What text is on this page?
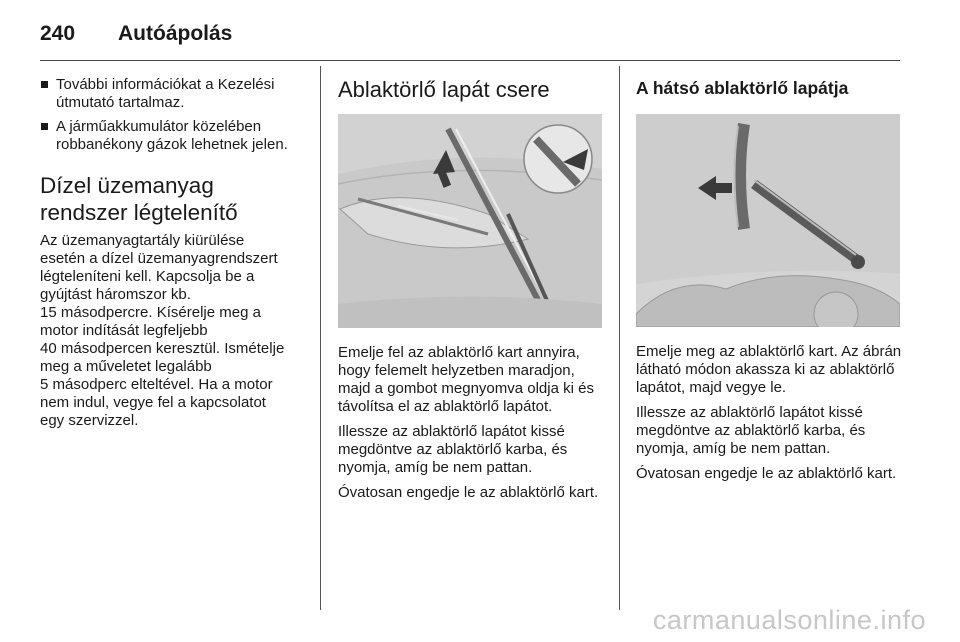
240	Autóápolás
További információkat a Kezelési útmutató tartalmaz.
A járműakkumulátor közelében robbanékony gázok lehetnek jelen.
Dízel üzemanyag rendszer légtelenítő

Az üzemanyagtartály kiürülése

esetén a dízel üzemanyagrendszert

légteleníteni kell. Kapcsolja be a

gyújtást háromszor kb.

15 másodpercre. Kísérelje meg a

motor indítását legfeljebb

40 másodpercen keresztül. Ismételje

meg a műveletet legalább

5 másodperc elteltével. Ha a motor

nem indul, vegye fel a kapcsolatot

egy szervizzel.

Ablaktörlő lapát csere

Emelje fel az ablaktörlő kart annyira, hogy felemelt helyzetben maradjon, majd a gombot megnyomva oldja ki és távolítsa el az ablaktörlő lapátot.

Illessze az ablaktörlő lapátot kissé megdöntve az ablaktörlő karba, és nyomja, amíg be nem pattan.

Óvatosan engedje le az ablaktörlő kart.

A hátsó ablaktörlő lapátja

Emelje meg az ablaktörlő kart. Az ábrán látható módon akassza ki az ablaktörlő lapátot, majd vegye le.

Illessze az ablaktörlő lapátot kissé megdöntve az ablaktörlő karba, és nyomja, amíg be nem pattan.

Óvatosan engedje le az ablaktörlő kart.

carmanualsonline.info
